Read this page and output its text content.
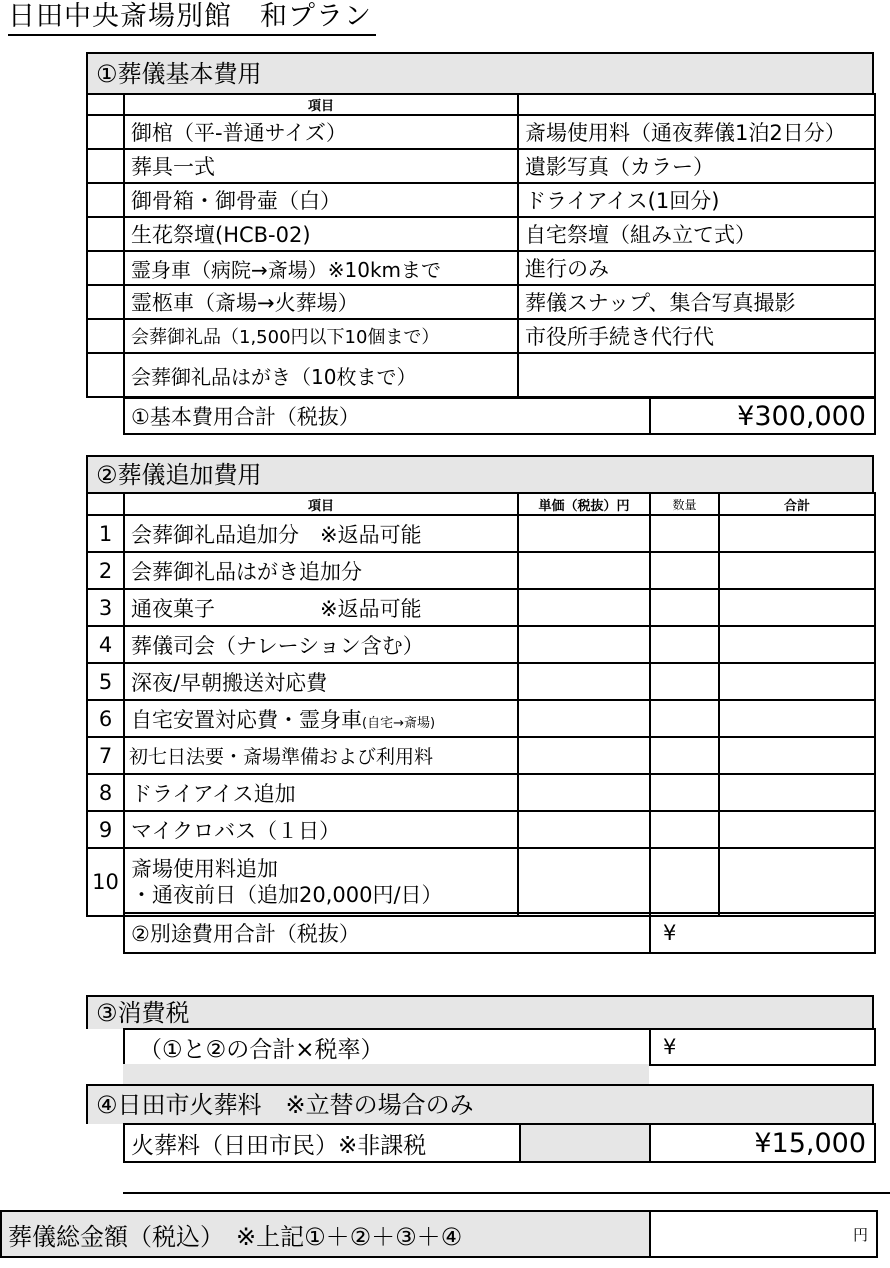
日田中央斎場別館　和プラン
①葬儀基本費用
	項目	
	御棺（平-普通サイズ）	斎場使用料（通夜葬儀1泊2日分）
	葬具一式	遺影写真（カラー）
	御骨箱・御骨壷（白）	ドライアイス(1回分)
	生花祭壇(HCB-02)	自宅祭壇（組み立て式）
	霊身車（病院→斎場）※10kmまで	進行のみ
	霊柩車（斎場→火葬場）	葬儀スナップ、集合写真撮影
	会葬御礼品（1,500円以下10個まで）	市役所手続き代行代
	会葬御礼品はがき（10枚まで）	
①基本費用合計（税抜）	¥300,000
②葬儀追加費用
	項目	単価（税抜）円	数量	合計
1	会葬御礼品追加分　※返品可能			
2	会葬御礼品はがき追加分			
3	通夜菓子　　　　　※返品可能			
4	葬儀司会（ナレーション含む）			
5	深夜/早朝搬送対応費			
6	自宅安置対応費・霊身車(自宅→斎場)			
7	初七日法要・斎場準備および利用料			
8	ドライアイス追加			
9	マイクロバス（１日）			
10	斎場使用料追加
・通夜前日（追加20,000円/日）			

②別途費用合計（税抜）	¥
③消費税
（①と②の合計×税率）	¥
④日田市火葬料　※立替の場合のみ
火葬料（日田市民）※非課税		¥15,000
葬儀総金額（税込）　※上記①＋②＋③＋④	円
